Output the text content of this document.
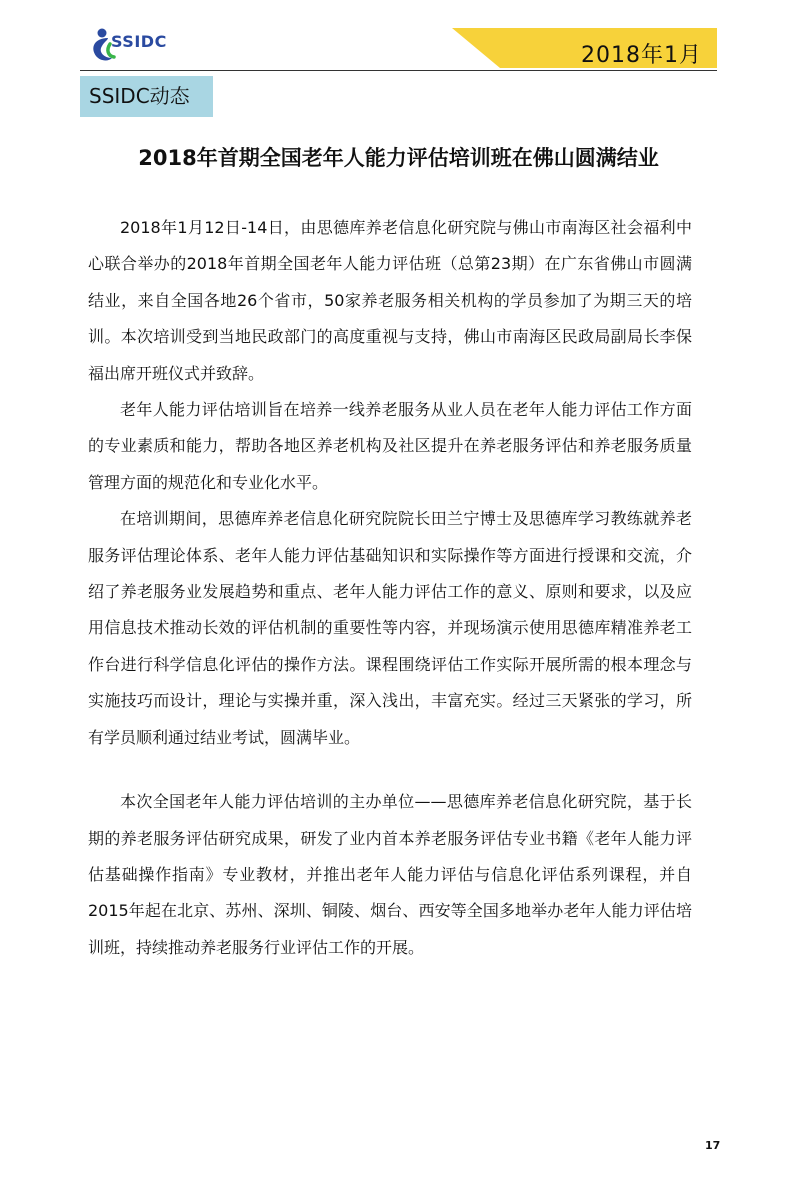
SSIDC
2018年1月
SSIDC动态
2018年首期全国老年人能力评估培训班在佛山圆满结业

2018年1月12日-14日，由思德库养老信息化研究院与佛山市南海区社会福利中心联合举办的2018年首期全国老年人能力评估班（总第23期）在广东省佛山市圆满结业，来自全国各地26个省市，50家养老服务相关机构的学员参加了为期三天的培训。本次培训受到当地民政部门的高度重视与支持，佛山市南海区民政局副局长李保福出席开班仪式并致辞。

老年人能力评估培训旨在培养一线养老服务从业人员在老年人能力评估工作方面的专业素质和能力，帮助各地区养老机构及社区提升在养老服务评估和养老服务质量管理方面的规范化和专业化水平。

在培训期间，思德库养老信息化研究院院长田兰宁博士及思德库学习教练就养老服务评估理论体系、老年人能力评估基础知识和实际操作等方面进行授课和交流，介绍了养老服务业发展趋势和重点、老年人能力评估工作的意义、原则和要求，以及应用信息技术推动长效的评估机制的重要性等内容，并现场演示使用思德库精准养老工作台进行科学信息化评估的操作方法。课程围绕评估工作实际开展所需的根本理念与实施技巧而设计，理论与实操并重，深入浅出，丰富充实。经过三天紧张的学习，所有学员顺利通过结业考试，圆满毕业。

本次全国老年人能力评估培训的主办单位——思德库养老信息化研究院，基于长期的养老服务评估研究成果，研发了业内首本养老服务评估专业书籍《老年人能力评估基础操作指南》专业教材，并推出老年人能力评估与信息化评估系列课程，并自2015年起在北京、苏州、深圳、铜陵、烟台、西安等全国多地举办老年人能力评估培训班，持续推动养老服务行业评估工作的开展。

17
